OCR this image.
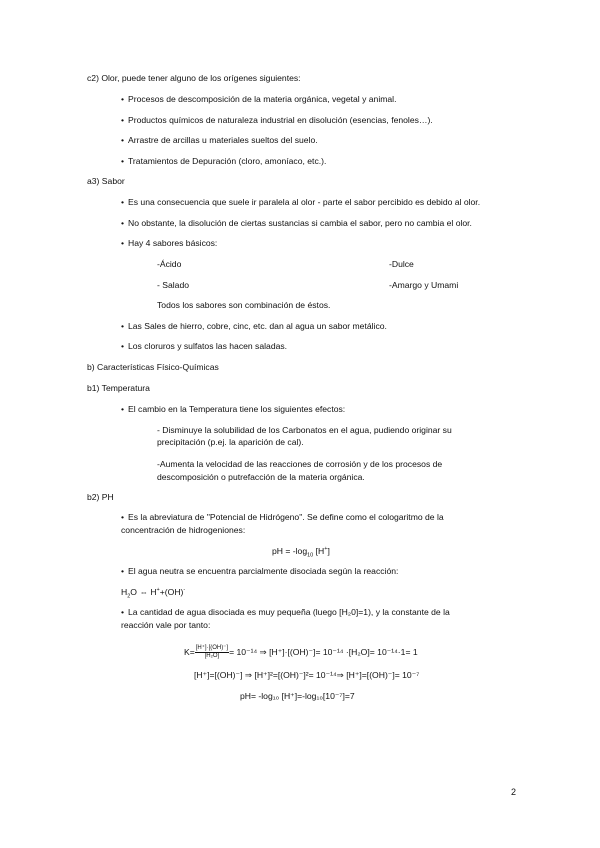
c2) Olor, puede tener alguno de los orígenes siguientes:
• Procesos de descomposición de la materia orgánica, vegetal y animal.
• Productos químicos de naturaleza industrial en disolución (esencias, fenoles…).
• Arrastre de arcillas u materiales sueltos del suelo.
• Tratamientos de Depuración (cloro, amoníaco, etc.).
a3) Sabor
• Es una consecuencia que suele ir paralela al olor - parte el sabor percibido es debido al olor.
• No obstante, la disolución de ciertas sustancias si cambia el sabor, pero no cambia el olor.
• Hay 4 sabores básicos:
-Ácido	-Dulce
- Salado	-Amargo y Umami
Todos los sabores son combinación de éstos.
• Las Sales de hierro, cobre, cinc, etc. dan al agua un sabor metálico.
• Los cloruros y sulfatos las hacen saladas.
b) Características Físico-Químicas
b1) Temperatura
• El cambio en la Temperatura tiene los siguientes efectos:
- Disminuye la solubilidad de los Carbonatos en el agua, pudiendo originar su
precipitación (p.ej. la aparición de cal).
-Aumenta la velocidad de las reacciones de corrosión y de los procesos de
descomposición o putrefacción de la materia orgánica.
b2) PH
• Es la abreviatura de "Potencial de Hidrógeno". Se define como el cologaritmo de la
concentración de hidrogeniones:
pH = $-\log_{10}$ [H+]
• El agua neutra se encuentra parcialmente disociada según la reacción:
$H_2O$ ⇔ H++(OH)-
• La cantidad de agua disociada es muy pequeña (luego [H₂0]=1), y la constante de la
reacción vale por tanto:
$K= \frac{[H^+]\cdot[(OH)^-]}{\text{[H₂O]}} = 10^{-14}$ ⇒ [H⁺]·[(OH)⁻]= 10⁻¹⁴ ·[H₂O]= 10⁻¹⁴·1= 1
[H⁺]=[(OH)⁻] ⇒ [H⁺]²=[(OH)⁻]²= 10⁻¹⁴⇒ [H⁺]=[(OH)⁻]= 10⁻⁷
pH= -log₁₀ [H⁺]=-log₁₀[10⁻⁷]=7
2
